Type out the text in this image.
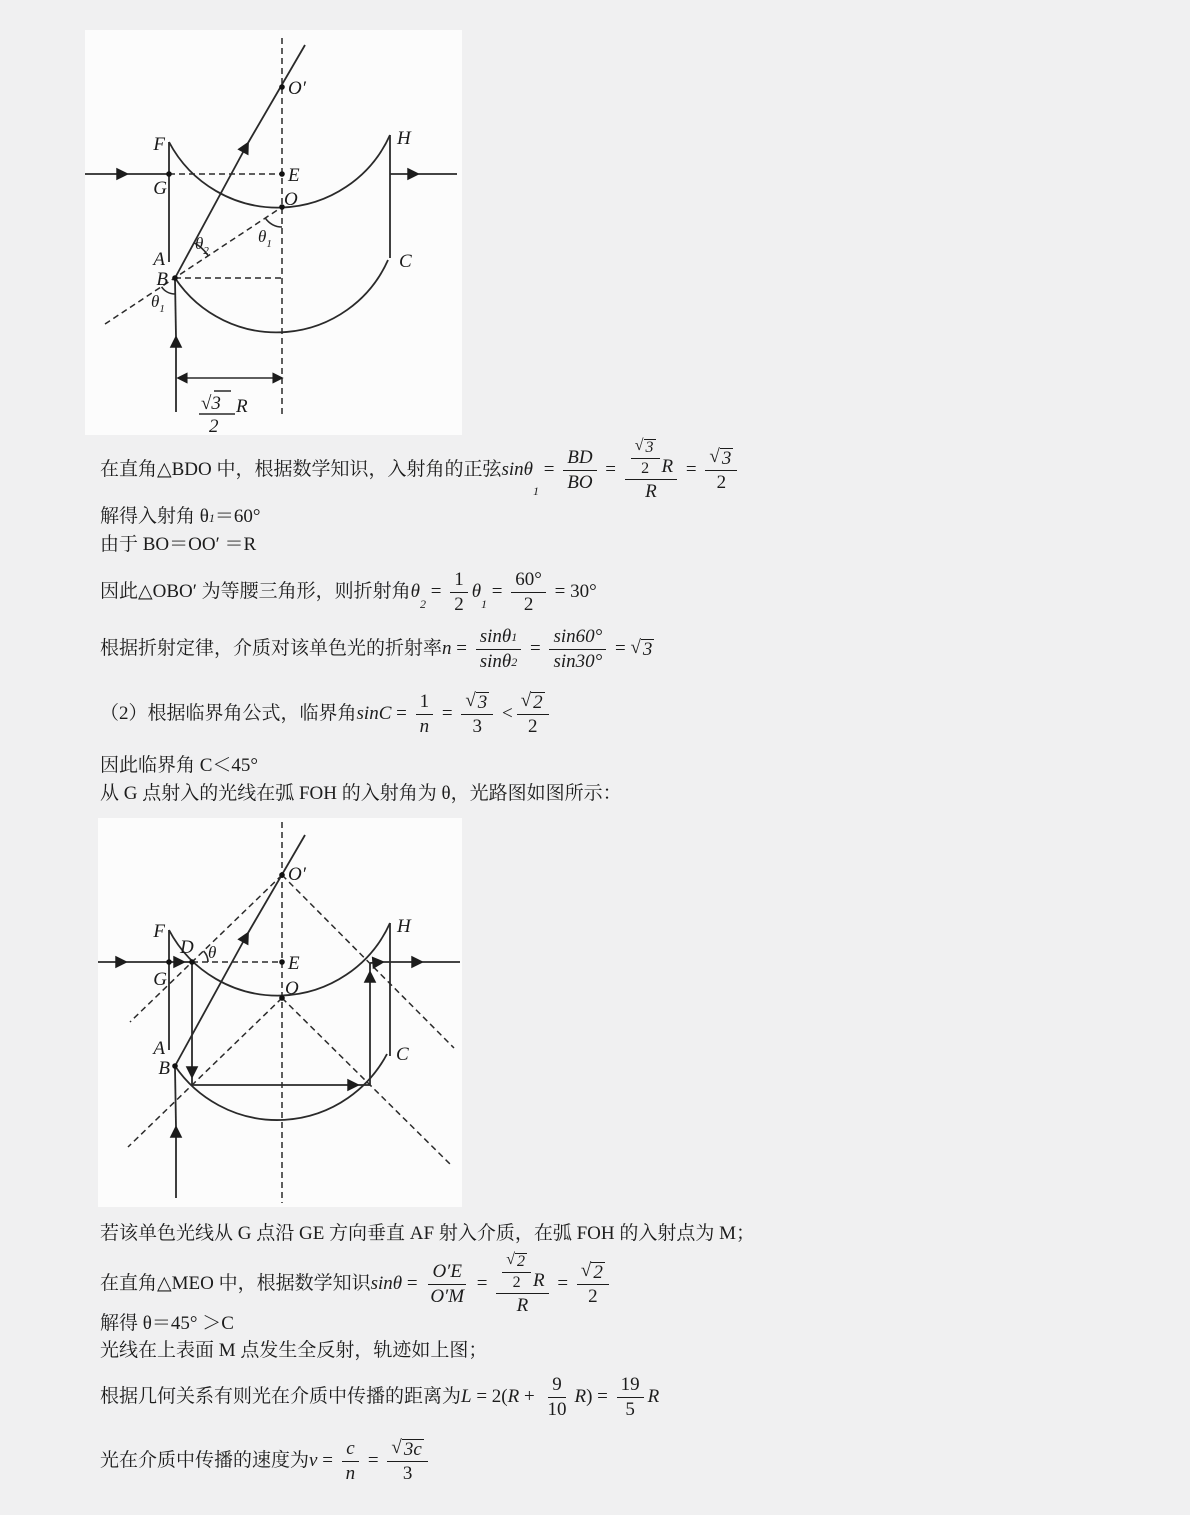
F
G
A
B
H
C
O′
E
O
$\theta_2$
$\theta_1$
$\theta_1$
√3
2
R
F
G
A
B
H
C
O′
E
O
D θ
在直角△BDO 中，根据数学知识，入射角的正弦 sinθ
1
= $\frac{BD}{BO} = \frac{\frac{√ 3}{2} R}{R} = \frac{√ 3}{2}$
解得入射角 θ 1 ＝60°
由于 BO＝OO′ ＝R
因此△OBO′ 为等腰三角形，则折射角 θ
2
= $\frac{1}{2}$ θ
1
= $\frac{60^\circ}{2} = 30^\circ$
根据折射定律，介质对该单色光的折射率 $n = \frac{\sin\theta 1}{\sin\theta 2} = \frac{\sin 60^\circ}{\sin 30^\circ}$ = √ 3
（2）根据临界角公式，临界角 $\sin C = \frac{1}{n} = \frac{√ 3}{3} < \frac{√ 2}{2}$
因此临界角 C＜45°
从 G 点射入的光线在弧 FOH 的入射角为 θ，光路图如图所示：
若该单色光线从 G 点沿 GE 方向垂直 AF 射入介质，在弧 FOH 的入射点为 M；
在直角△MEO 中，根据数学知识 $\sin\theta = \frac{O'E}{O'M} = \frac{\frac{√ 2}{2} R}{R} = \frac{√ 2}{2}$
解得 θ＝45° ＞C
光线在上表面 M 点发生全反射，轨迹如上图；
根据几何关系有则光在介质中传播的距离为 L = 2( $R + \frac{9}{10}$ R ) = $\frac{19}{5}$ R
光在介质中传播的速度为 $v = \frac{c}{n} = \frac{√ 3c}{3}$
